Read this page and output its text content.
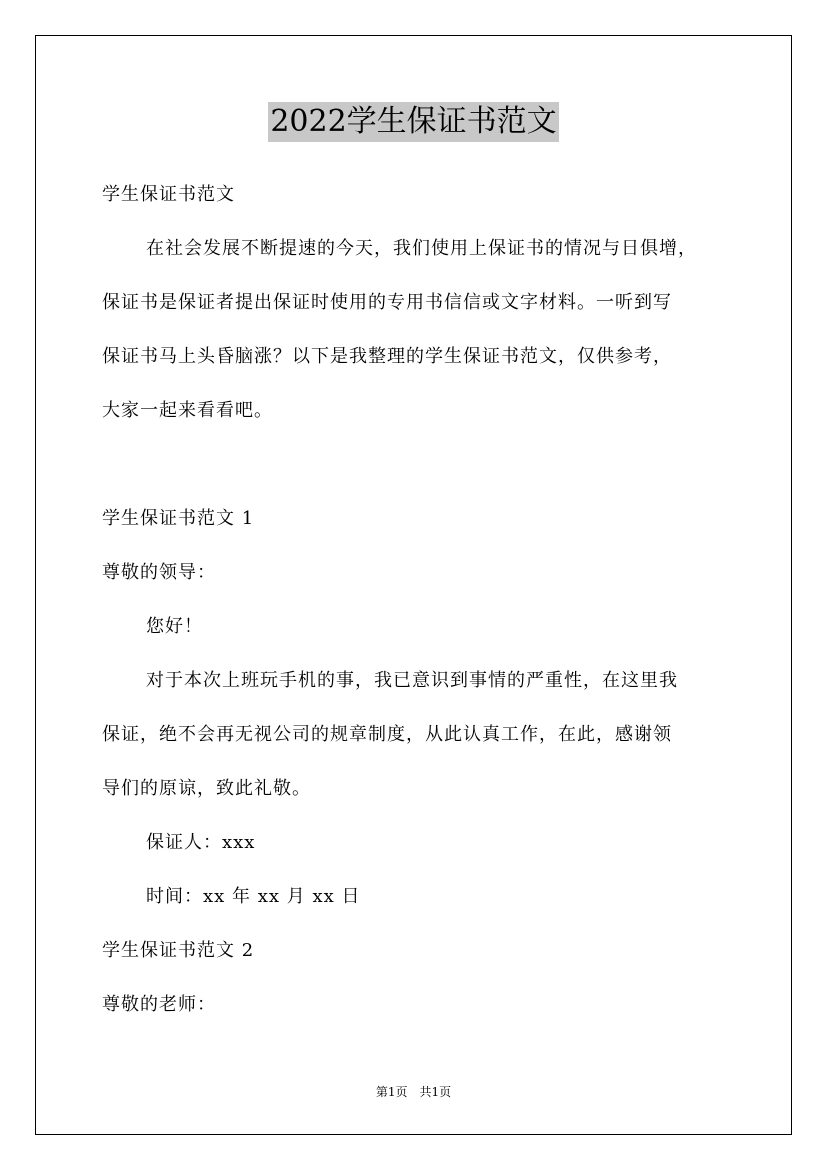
2022学生保证书范文
学生保证书范文
在社会发展不断提速的今天，我们使用上保证书的情况与日俱增，
保证书是保证者提出保证时使用的专用书信信或文字材料。一听到写
保证书马上头昏脑涨？以下是我整理的学生保证书范文，仅供参考，
大家一起来看看吧。
学生保证书范文 1
尊敬的领导：
您好！
对于本次上班玩手机的事，我已意识到事情的严重性，在这里我
保证，绝不会再无视公司的规章制度，从此认真工作，在此，感谢领
导们的原谅，致此礼敬。
保证人：xxx
时间：xx 年 xx 月 xx 日
学生保证书范文 2
尊敬的老师：
第1页　共1页
